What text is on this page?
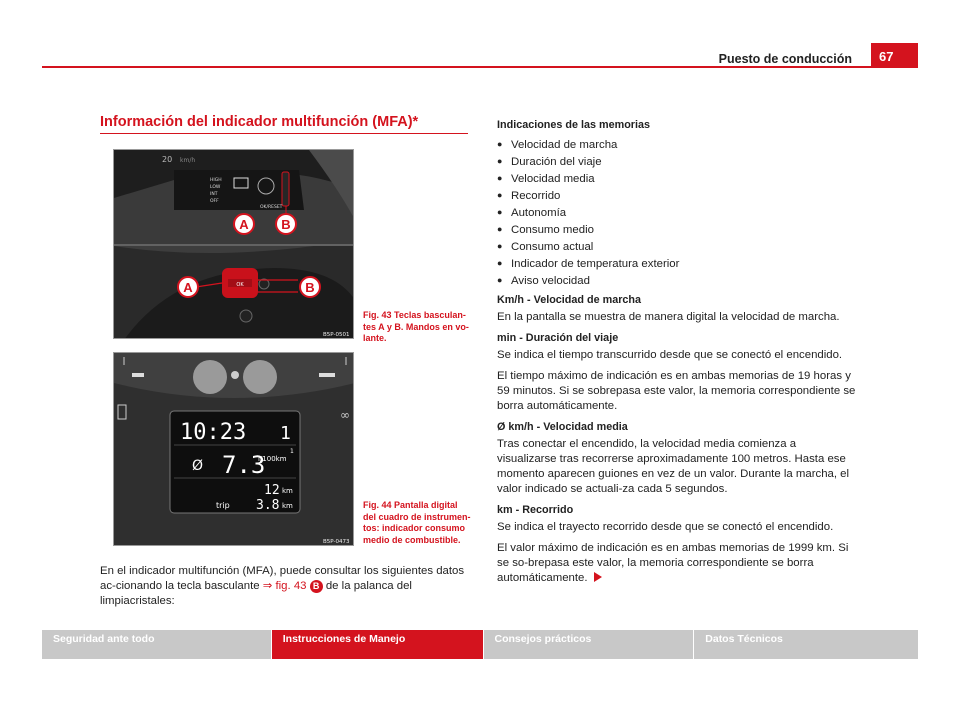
Puesto de conducción	67
Información del indicador multifunción (MFA)*
20 km/h
HIGH
LOW
INT
OFF
OK/RESET
A	B
OK
A	B
B5P-0501
Fig. 43 Teclas basculan-tes A y B. Mandos en vo-lante.
∞
10:23 1
Ø 7.3
l/100km
1
12 km
trip 3.8 km
B5P-0473
Fig. 44 Pantalla digital del cuadro de instrumen-tos: indicador consumo medio de combustible.
En el indicador multifunción (MFA), puede consultar los siguientes datos ac-cionando la tecla basculante ⇒ fig. 43 B de la palanca del limpiacristales:
Indicaciones de las memorias
● Velocidad de marcha
● Duración del viaje
● Velocidad media
● Recorrido
● Autonomía
● Consumo medio
● Consumo actual
● Indicador de temperatura exterior
● Aviso velocidad
Km/h - Velocidad de marcha

En la pantalla se muestra de manera digital la velocidad de marcha.

min - Duración del viaje

Se indica el tiempo transcurrido desde que se conectó el encendido.

El tiempo máximo de indicación es en ambas memorias de 19 horas y 59 minutos. Si se sobrepasa este valor, la memoria correspondiente se borra automáticamente.

Ø km/h - Velocidad media

Tras conectar el encendido, la velocidad media comienza a visualizarse tras recorrerse aproximadamente 100 metros. Hasta ese momento aparecen guiones en vez de un valor. Durante la marcha, el valor indicado se actuali-za cada 5 segundos.

km - Recorrido

Se indica el trayecto recorrido desde que se conectó el encendido.

El valor máximo de indicación es en ambas memorias de 1999 km. Si se so-brepasa este valor, la memoria correspondiente se borra automáticamente.

Seguridad ante todo	Instrucciones de Manejo	Consejos prácticos	Datos Técnicos
